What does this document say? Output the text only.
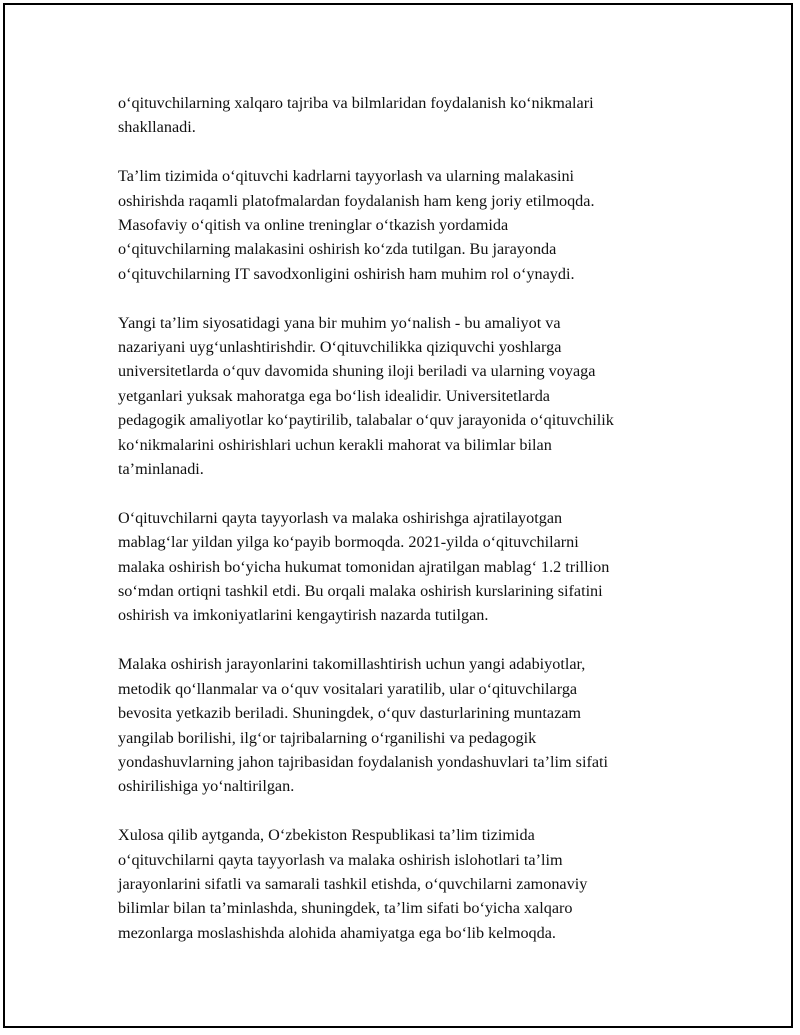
o‘qituvchilarning xalqaro tajriba va bilmlaridan foydalanish ko‘nikmalari
shakllanadi.

Ta’lim tizimida o‘qituvchi kadrlarni tayyorlash va ularning malakasini
oshirishda raqamli platofmalardan foydalanish ham keng joriy etilmoqda.
Masofaviy o‘qitish va online treninglar o‘tkazish yordamida
o‘qituvchilarning malakasini oshirish ko‘zda tutilgan. Bu jarayonda
o‘qituvchilarning IT savodxonligini oshirish ham muhim rol o‘ynaydi.

Yangi ta’lim siyosatidagi yana bir muhim yo‘nalish - bu amaliyot va
nazariyani uyg‘unlashtirishdir. O‘qituvchilikka qiziquvchi yoshlarga
universitetlarda o‘quv davomida shuning iloji beriladi va ularning voyaga
yetganlari yuksak mahoratga ega bo‘lish idealidir. Universitetlarda
pedagogik amaliyotlar ko‘paytirilib, talabalar o‘quv jarayonida o‘qituvchilik
ko‘nikmalarini oshirishlari uchun kerakli mahorat va bilimlar bilan
ta’minlanadi.

O‘qituvchilarni qayta tayyorlash va malaka oshirishga ajratilayotgan
mablag‘lar yildan yilga ko‘payib bormoqda. 2021-yilda o‘qituvchilarni
malaka oshirish bo‘yicha hukumat tomonidan ajratilgan mablag‘ 1.2 trillion
so‘mdan ortiqni tashkil etdi. Bu orqali malaka oshirish kurslarining sifatini
oshirish va imkoniyatlarini kengaytirish nazarda tutilgan.

Malaka oshirish jarayonlarini takomillashtirish uchun yangi adabiyotlar,
metodik qo‘llanmalar va o‘quv vositalari yaratilib, ular o‘qituvchilarga
bevosita yetkazib beriladi. Shuningdek, o‘quv dasturlarining muntazam
yangilab borilishi, ilg‘or tajribalarning o‘rganilishi va pedagogik
yondashuvlarning jahon tajribasidan foydalanish yondashuvlari ta’lim sifati
oshirilishiga yo‘naltirilgan.

Xulosa qilib aytganda, O‘zbekiston Respublikasi ta’lim tizimida
o‘qituvchilarni qayta tayyorlash va malaka oshirish islohotlari ta’lim
jarayonlarini sifatli va samarali tashkil etishda, o‘quvchilarni zamonaviy
bilimlar bilan ta’minlashda, shuningdek, ta’lim sifati bo‘yicha xalqaro
mezonlarga moslashishda alohida ahamiyatga ega bo‘lib kelmoqda.
